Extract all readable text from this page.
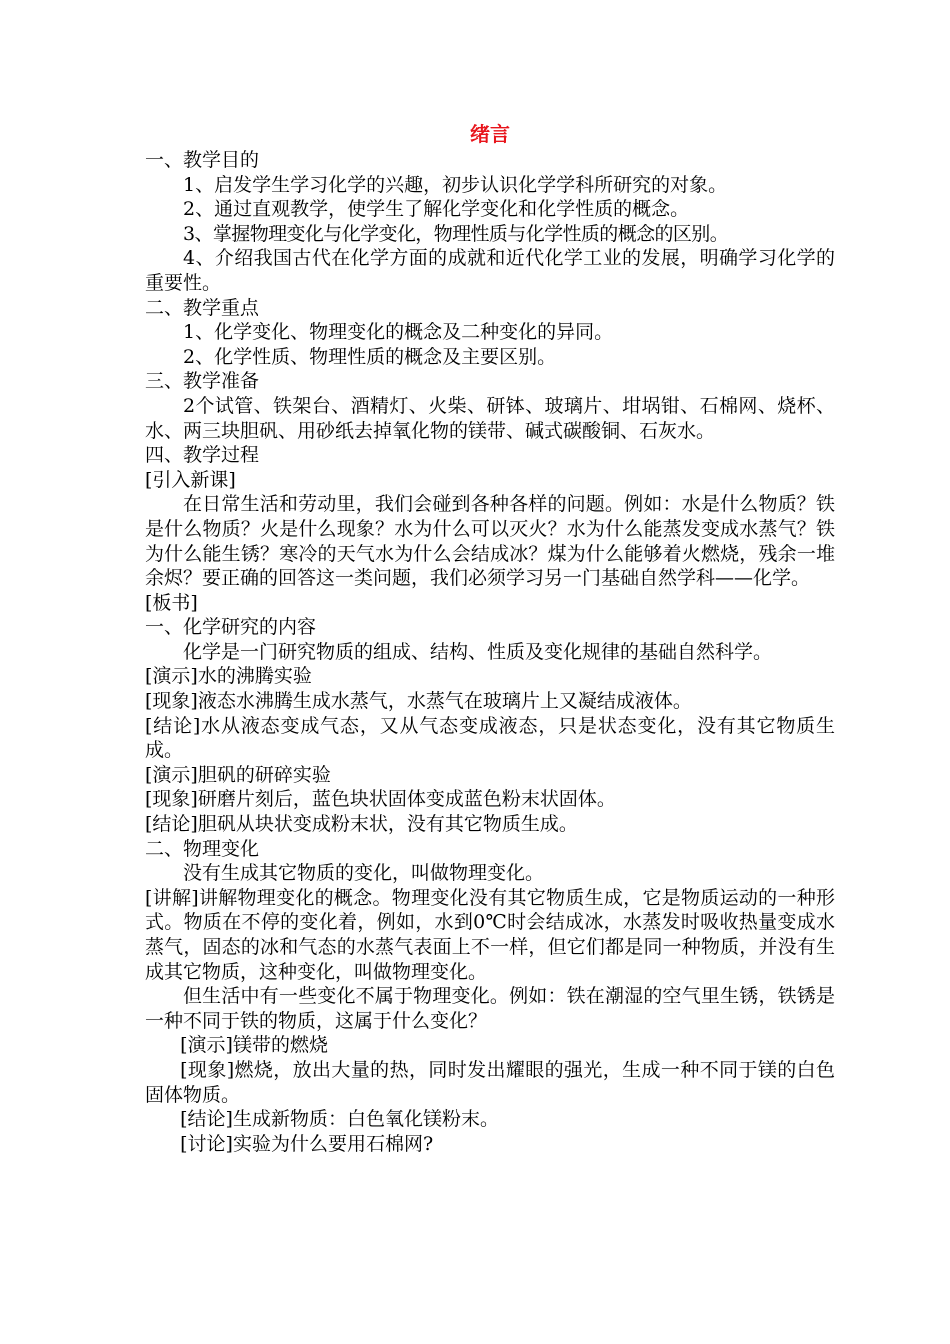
绪言

一、教学目的

1、启发学生学习化学的兴趣，初步认识化学学科所研究的对象。

2、通过直观教学，使学生了解化学变化和化学性质的概念。

3、掌握物理变化与化学变化，物理性质与化学性质的概念的区别。

4、介绍我国古代在化学方面的成就和近代化学工业的发展，明确学习化学的重要性。

二、教学重点

1、化学变化、物理变化的概念及二种变化的异同。

2、化学性质、物理性质的概念及主要区别。

三、教学准备

2个试管、铁架台、酒精灯、火柴、研钵、玻璃片、坩埚钳、石棉网、烧杯、水、两三块胆矾、用砂纸去掉氧化物的镁带、碱式碳酸铜、石灰水。

四、教学过程

[引入新课]

在日常生活和劳动里，我们会碰到各种各样的问题。例如：水是什么物质？铁是什么物质？火是什么现象？水为什么可以灭火？水为什么能蒸发变成水蒸气？铁为什么能生锈？寒冷的天气水为什么会结成冰？煤为什么能够着火燃烧，残余一堆余烬？要正确的回答这一类问题，我们必须学习另一门基础自然学科——化学。

[板书]

一、化学研究的内容

化学是一门研究物质的组成、结构、性质及变化规律的基础自然科学。

[演示]水的沸腾实验

[现象]液态水沸腾生成水蒸气，水蒸气在玻璃片上又凝结成液体。

[结论]水从液态变成气态，又从气态变成液态，只是状态变化，没有其它物质生成。

[演示]胆矾的研碎实验

[现象]研磨片刻后，蓝色块状固体变成蓝色粉末状固体。

[结论]胆矾从块状变成粉末状，没有其它物质生成。

二、物理变化

没有生成其它物质的变化，叫做物理变化。

[讲解]讲解物理变化的概念。物理变化没有其它物质生成，它是物质运动的一种形式。物质在不停的变化着，例如，水到0℃时会结成冰，水蒸发时吸收热量变成水蒸气，固态的冰和气态的水蒸气表面上不一样，但它们都是同一种物质，并没有生成其它物质，这种变化，叫做物理变化。

但生活中有一些变化不属于物理变化。例如：铁在潮湿的空气里生锈，铁锈是一种不同于铁的物质，这属于什么变化？

[演示]镁带的燃烧

[现象]燃烧，放出大量的热，同时发出耀眼的强光，生成一种不同于镁的白色固体物质。

[结论]生成新物质：白色氧化镁粉末。

[讨论]实验为什么要用石棉网?
